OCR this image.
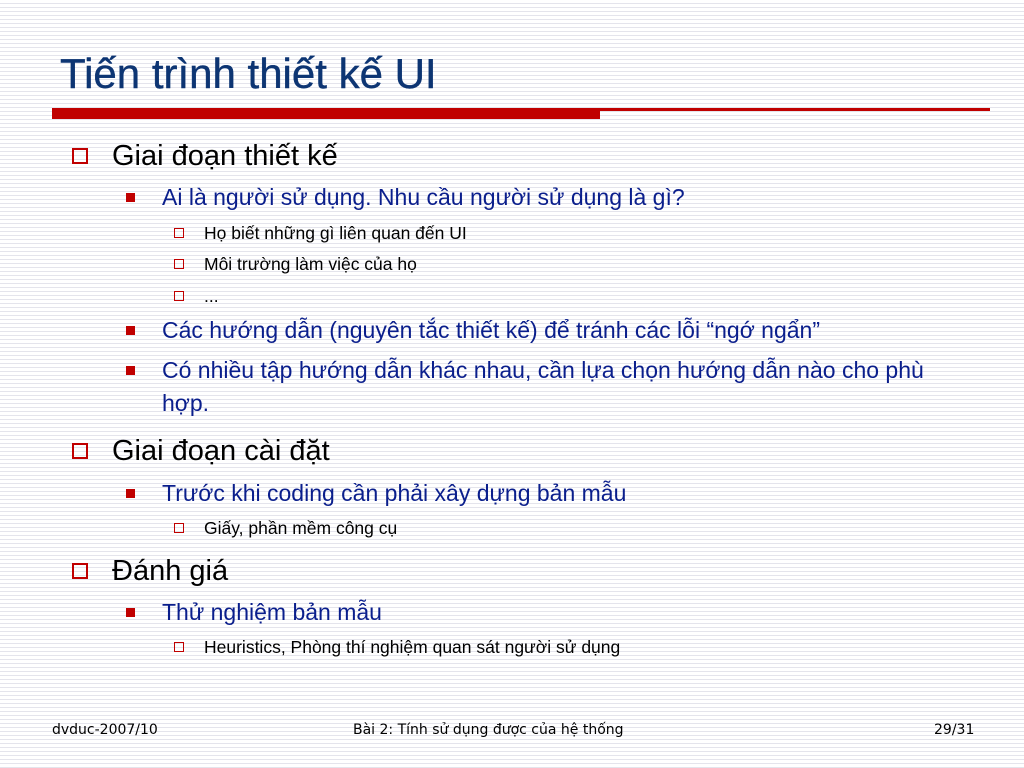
Tiến trình thiết kế UI
Giai đoạn thiết kế
Ai là người sử dụng. Nhu cầu người sử dụng là gì?
Họ biết những gì liên quan đến UI
Môi trường làm việc của họ
...
Các hướng dẫn (nguyên tắc thiết kế) để tránh các lỗi “ngớ ngẩn”
Có nhiều tập hướng dẫn khác nhau, cần lựa chọn hướng dẫn nào cho phù hợp.
Giai đoạn cài đặt
Trước khi coding cần phải xây dựng bản mẫu
Giấy, phần mềm công cụ
Đánh giá
Thử nghiệm bản mẫu
Heuristics, Phòng thí nghiệm quan sát người sử dụng
dvduc-2007/10	Bài 2: Tính sử dụng được của hệ thống	29/31
